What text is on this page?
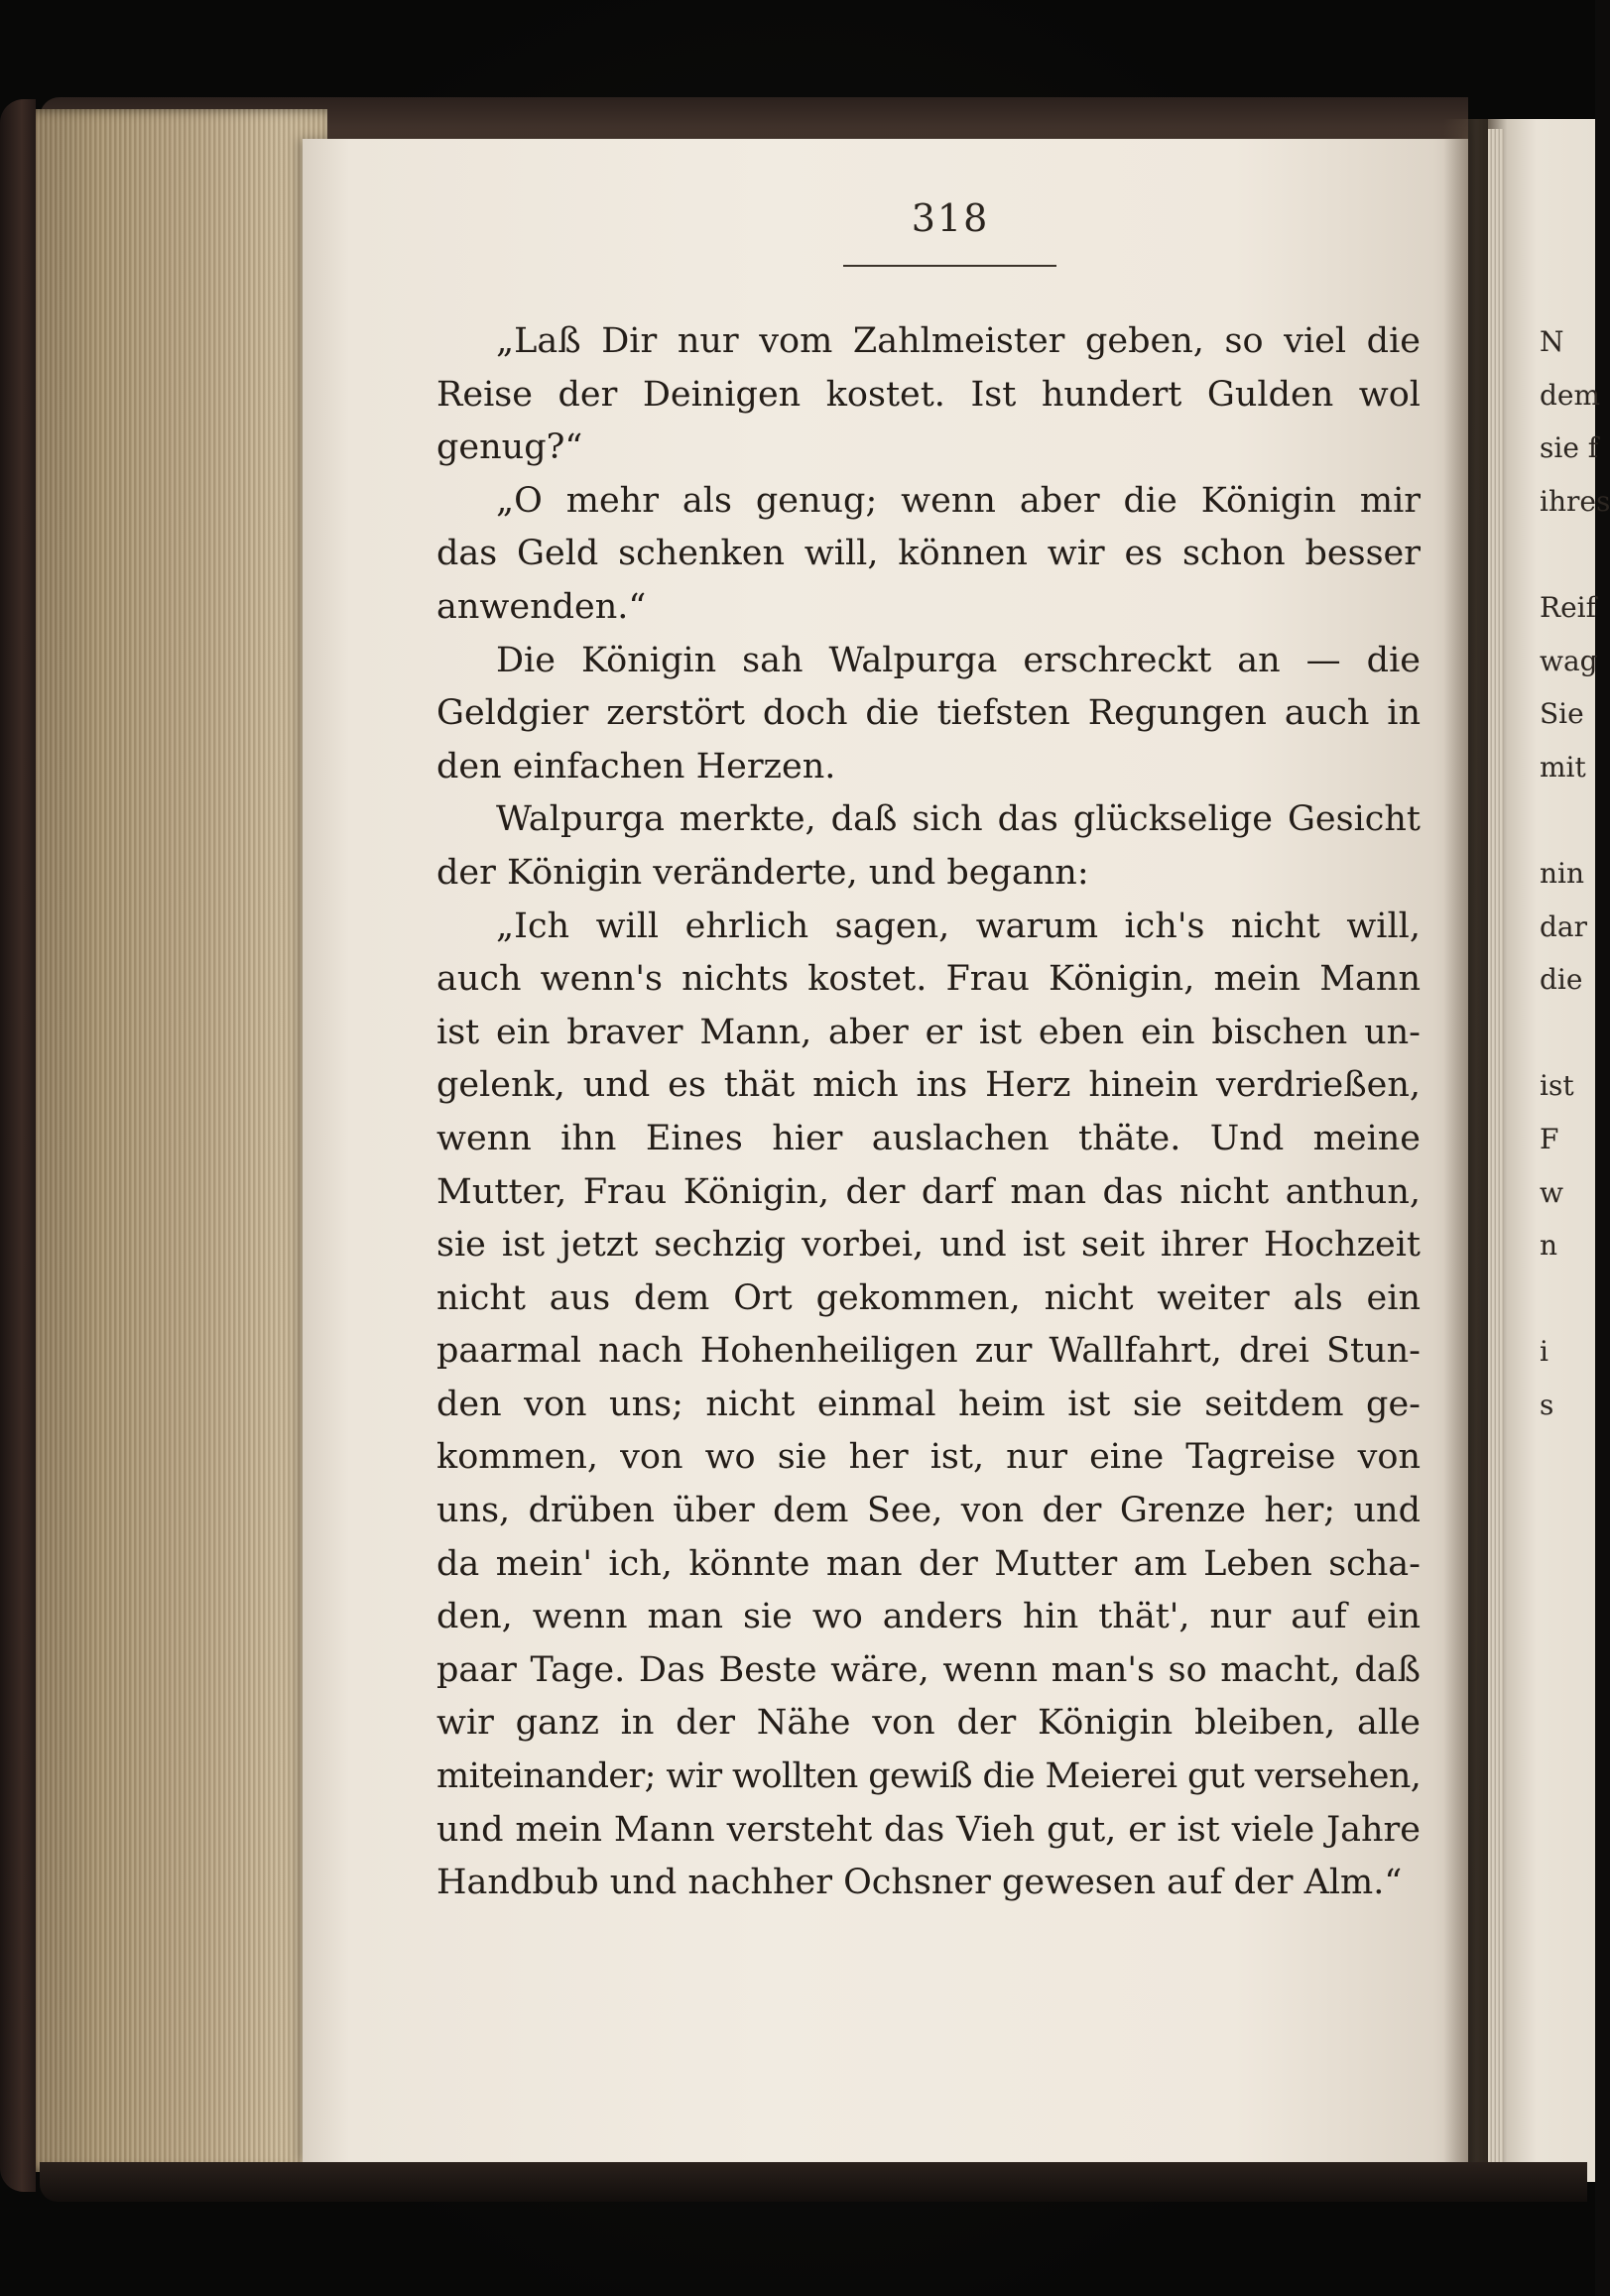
N
dem
sie f
ihres
Reif
wag
Sie
mit
nin
dar
die
ist
F
w
n
i
s
318
„Laß Dir nur vom Zahlmeister geben, so viel die
Reise der Deinigen kostet. Ist hundert Gulden wol
genug?“
„O mehr als genug; wenn aber die Königin mir
das Geld schenken will, können wir es schon besser
anwenden.“
Die Königin sah Walpurga erschreckt an — die
Geldgier zerstört doch die tiefsten Regungen auch in
den einfachen Herzen.
Walpurga merkte, daß sich das glückselige Gesicht
der Königin veränderte, und begann:
„Ich will ehrlich sagen, warum ich's nicht will,
auch wenn's nichts kostet. Frau Königin, mein Mann
ist ein braver Mann, aber er ist eben ein bischen un-
gelenk, und es thät mich ins Herz hinein verdrießen,
wenn ihn Eines hier auslachen thäte. Und meine
Mutter, Frau Königin, der darf man das nicht anthun,
sie ist jetzt sechzig vorbei, und ist seit ihrer Hochzeit
nicht aus dem Ort gekommen, nicht weiter als ein
paarmal nach Hohenheiligen zur Wallfahrt, drei Stun-
den von uns; nicht einmal heim ist sie seitdem ge-
kommen, von wo sie her ist, nur eine Tagreise von
uns, drüben über dem See, von der Grenze her; und
da mein' ich, könnte man der Mutter am Leben scha-
den, wenn man sie wo anders hin thät', nur auf ein
paar Tage. Das Beste wäre, wenn man's so macht, daß
wir ganz in der Nähe von der Königin bleiben, alle
miteinander; wir wollten gewiß die Meierei gut versehen,
und mein Mann versteht das Vieh gut, er ist viele Jahre
Handbub und nachher Ochsner gewesen auf der Alm.“
